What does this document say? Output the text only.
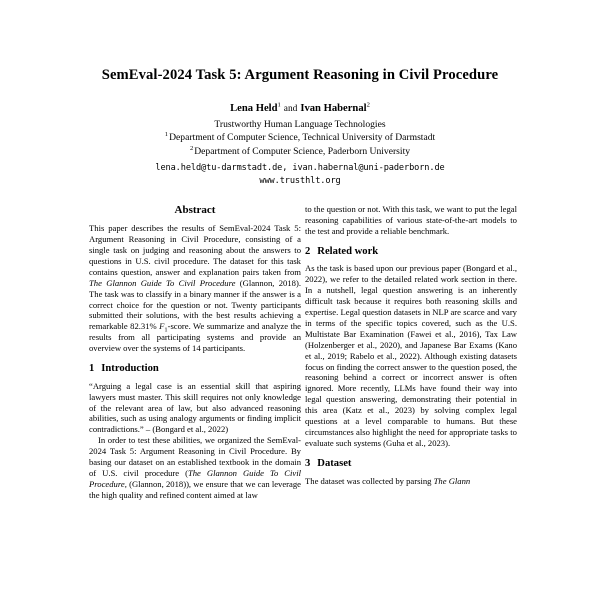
SemEval-2024 Task 5: Argument Reasoning in Civil Procedure
Lena Held$^1$ and Ivan Habernal$^2$
Trustworthy Human Language Technologies
$^1$Department of Computer Science, Technical University of Darmstadt
$^2$Department of Computer Science, Paderborn University
lena.held@tu-darmstadt.de, ivan.habernal@uni-paderborn.de
www.trusthlt.org
Abstract

This paper describes the results of SemEval-2024 Task 5: Argument Reasoning in Civil Procedure, consisting of a single task on judging and reasoning about the answers to questions in U.S. civil procedure. The dataset for this task contains question, answer and explanation pairs taken from The Glannon Guide To Civil Procedure (Glannon, 2018). The task was to classify in a binary manner if the answer is a correct choice for the question or not. Twenty participants submitted their solutions, with the best results achieving a remarkable 82.31% $F_1$-score. We summarize and analyze the results from all participating systems and provide an overview over the systems of 14 participants.

1 Introduction

“Arguing a legal case is an essential skill that aspiring lawyers must master. This skill requires not only knowledge of the relevant area of law, but also advanced reasoning abilities, such as using analogy arguments or finding implicit contradictions.” – (Bongard et al., 2022)

In order to test these abilities, we organized the SemEval-2024 Task 5: Argument Reasoning in Civil Procedure. By basing our dataset on an established textbook in the domain of U.S. civil procedure (The Glannon Guide To Civil Procedure, (Glannon, 2018)), we ensure that we can leverage the high quality and refined content aimed at law

to the question or not. With this task, we want to put the legal reasoning capabilities of various state-of-the-art models to the test and provide a reliable benchmark.

2 Related work

As the task is based upon our previous paper (Bongard et al., 2022), we refer to the detailed related work section in there. In a nutshell, legal question answering is an inherently difficult task because it requires both reasoning skills and expertise. Legal question datasets in NLP are scarce and vary in terms of the specific topics covered, such as the U.S. Multistate Bar Examination (Fawei et al., 2016), Tax Law (Holzenberger et al., 2020), and Japanese Bar Exams (Kano et al., 2019; Rabelo et al., 2022). Although existing datasets focus on finding the correct answer to the question posed, the reasoning behind a correct or incorrect answer is often ignored. More recently, LLMs have found their way into legal question answering, demonstrating their potential in this area (Katz et al., 2023) by solving complex legal questions at a level comparable to humans. But these circumstances also highlight the need for appropriate tasks to evaluate such systems (Guha et al., 2023).

3 Dataset

The dataset was collected by parsing The Glann
